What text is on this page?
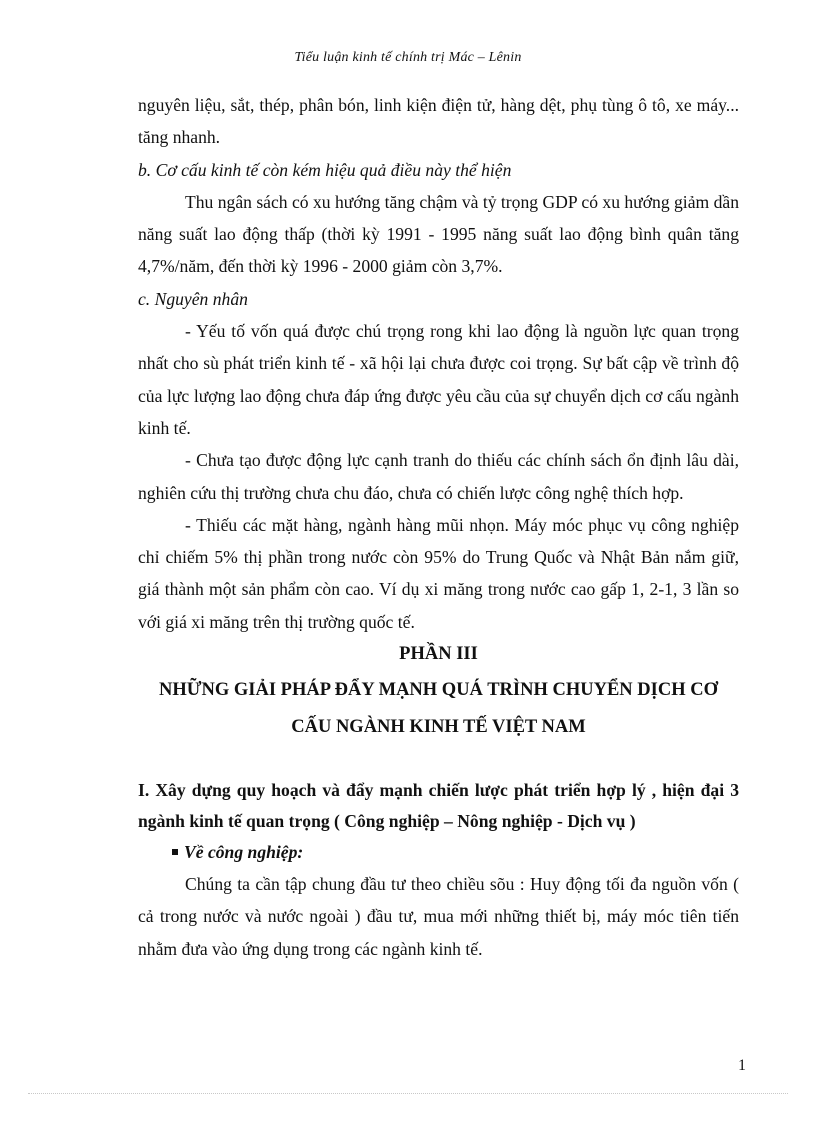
Tiểu luận kinh tế chính trị Mác – Lênin

nguyên liệu, sắt, thép, phân bón, linh kiện điện tử, hàng dệt, phụ tùng ô tô, xe máy... tăng nhanh.

b. Cơ cấu kinh tế còn kém hiệu quả điều này thể hiện

Thu ngân sách có xu hướng tăng chậm và tỷ trọng GDP có xu hướng giảm dần năng suất lao động thấp (thời kỳ 1991 - 1995 năng suất lao động bình quân tăng 4,7%/năm, đến thời kỳ 1996 - 2000 giảm còn 3,7%.

c. Nguyên nhân

- Yếu tố vốn quá được chú trọng rong khi lao động là nguồn lực quan trọng nhất cho sù phát triển kinh tế - xã hội lại chưa được coi trọng. Sự bất cập về trình độ của lực lượng lao động chưa đáp ứng được yêu cầu của sự chuyển dịch cơ cấu ngành kinh tế.

- Chưa tạo được động lực cạnh tranh do thiếu các chính sách ổn định lâu dài, nghiên cứu thị trường chưa chu đáo, chưa có chiến lược công nghệ thích hợp.

- Thiếu các mặt hàng, ngành hàng mũi nhọn. Máy móc phục vụ công nghiệp chỉ chiếm 5% thị phần trong nước còn 95% do Trung Quốc và Nhật Bản nắm giữ, giá thành một sản phẩm còn cao. Ví dụ xi măng trong nước cao gấp 1, 2-1, 3 lần so với giá xi măng trên thị trường quốc tế.

PHẦN III

NHỮNG GIẢI PHÁP ĐẨY MẠNH QUÁ TRÌNH CHUYỂN DỊCH CƠ CẤU NGÀNH KINH TẾ VIỆT NAM

I. Xây dựng quy hoạch và đẩy mạnh chiến lược phát triển hợp lý , hiện đại 3 ngành kinh tế quan trọng ( Công nghiệp – Nông nghiệp - Dịch vụ )

Về công nghiệp:

Chúng ta cần tập chung đầu tư theo chiều sõu : Huy động tối đa nguồn vốn ( cả trong nước và nước ngoài ) đầu tư, mua mới những thiết bị, máy móc tiên tiến nhằm đưa vào ứng dụng trong các ngành kinh tế.

1
